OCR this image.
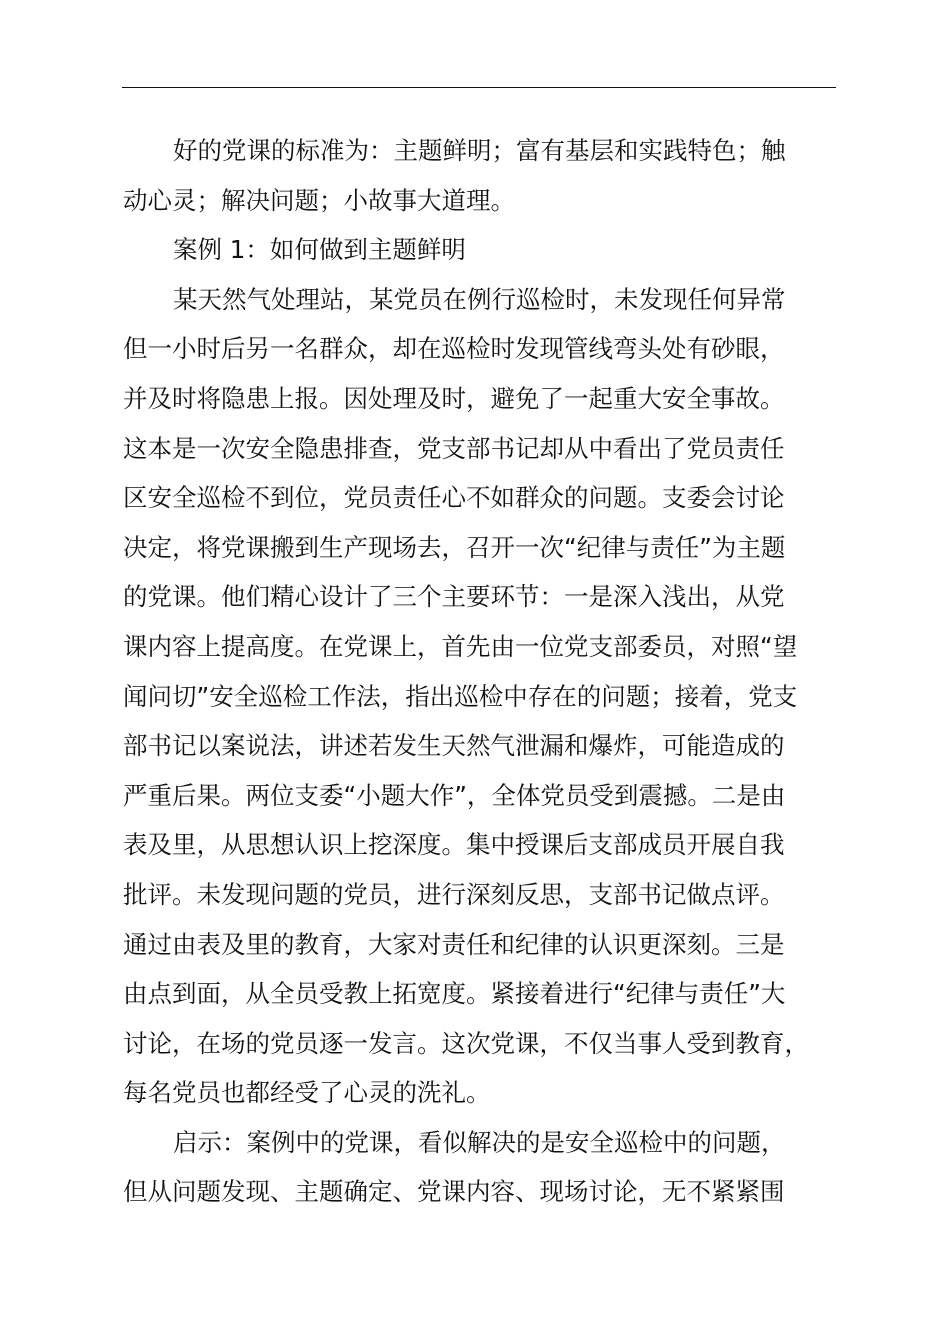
好的党课的标准为：主题鲜明；富有基层和实践特色；触
动心灵；解决问题；小故事大道理。

案例 1：如何做到主题鲜明

某天然气处理站，某党员在例行巡检时，未发现任何异常
但一小时后另一名群众，却在巡检时发现管线弯头处有砂眼，
并及时将隐患上报。因处理及时，避免了一起重大安全事故。
这本是一次安全隐患排查，党支部书记却从中看出了党员责任
区安全巡检不到位，党员责任心不如群众的问题。支委会讨论
决定，将党课搬到生产现场去，召开一次“纪律与责任”为主题
的党课。他们精心设计了三个主要环节：一是深入浅出，从党
课内容上提高度。在党课上，首先由一位党支部委员，对照“望
闻问切”安全巡检工作法，指出巡检中存在的问题；接着，党支
部书记以案说法，讲述若发生天然气泄漏和爆炸，可能造成的
严重后果。两位支委“小题大作”，全体党员受到震撼。二是由
表及里，从思想认识上挖深度。集中授课后支部成员开展自我
批评。未发现问题的党员，进行深刻反思，支部书记做点评。
通过由表及里的教育，大家对责任和纪律的认识更深刻。三是
由点到面，从全员受教上拓宽度。紧接着进行“纪律与责任”大
讨论，在场的党员逐一发言。这次党课，不仅当事人受到教育，
每名党员也都经受了心灵的洗礼。

启示：案例中的党课，看似解决的是安全巡检中的问题，
但从问题发现、主题确定、党课内容、现场讨论，无不紧紧围
